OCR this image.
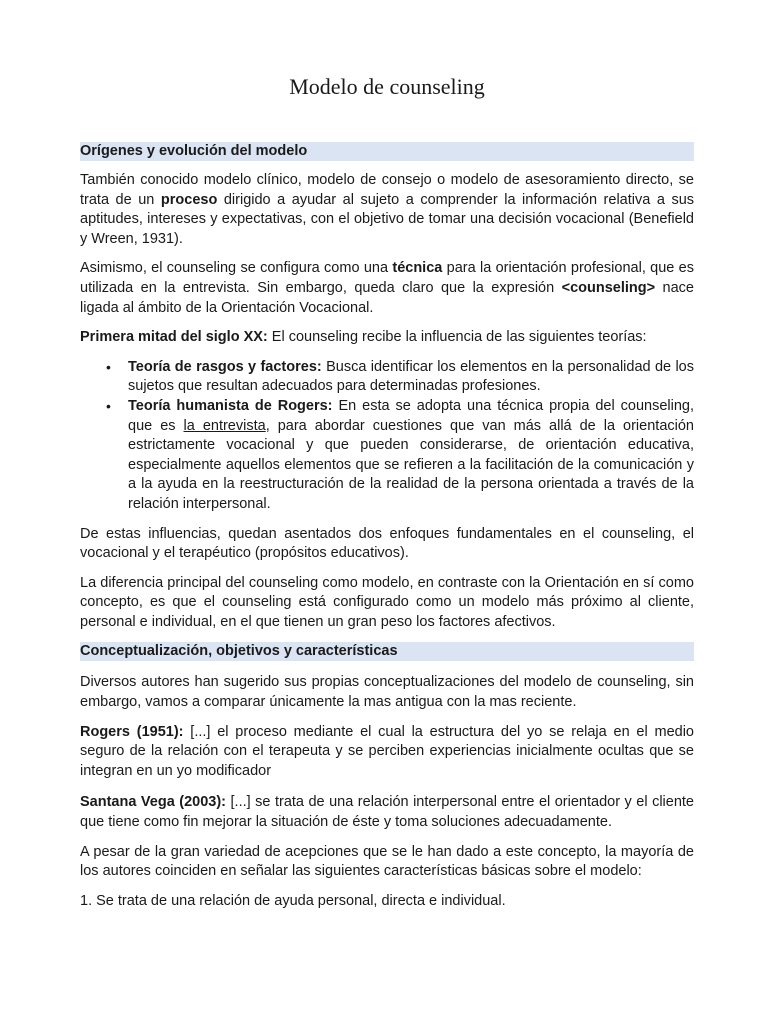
Modelo de counseling
Orígenes y evolución del modelo

También conocido modelo clínico, modelo de consejo o modelo de asesoramiento directo, se trata de un proceso dirigido a ayudar al sujeto a comprender la información relativa a sus aptitudes, intereses y expectativas, con el objetivo de tomar una decisión vocacional (Benefield y Wreen, 1931).

Asimismo, el counseling se configura como una técnica para la orientación profesional, que es utilizada en la entrevista. Sin embargo, queda claro que la expresión <counseling> nace ligada al ámbito de la Orientación Vocacional.

Primera mitad del siglo XX: El counseling recibe la influencia de las siguientes teorías:

• Teoría de rasgos y factores: Busca identificar los elementos en la personalidad de los sujetos que resultan adecuados para determinadas profesiones.
• Teoría humanista de Rogers: En esta se adopta una técnica propia del counseling, que es la entrevista, para abordar cuestiones que van más allá de la orientación estrictamente vocacional y que pueden considerarse, de orientación educativa, especialmente aquellos elementos que se refieren a la facilitación de la comunicación y a la ayuda en la reestructuración de la realidad de la persona orientada a través de la relación interpersonal.

De estas influencias, quedan asentados dos enfoques fundamentales en el counseling, el vocacional y el terapéutico (propósitos educativos).

La diferencia principal del counseling como modelo, en contraste con la Orientación en sí como concepto, es que el counseling está configurado como un modelo más próximo al cliente, personal e individual, en el que tienen un gran peso los factores afectivos.

Conceptualización, objetivos y características

Diversos autores han sugerido sus propias conceptualizaciones del modelo de counseling, sin embargo, vamos a comparar únicamente la mas antigua con la mas reciente.

Rogers (1951): [...] el proceso mediante el cual la estructura del yo se relaja en el medio seguro de la relación con el terapeuta y se perciben experiencias inicialmente ocultas que se integran en un yo modificador

Santana Vega (2003): [...] se trata de una relación interpersonal entre el orientador y el cliente que tiene como fin mejorar la situación de éste y toma soluciones adecuadamente.

A pesar de la gran variedad de acepciones que se le han dado a este concepto, la mayoría de los autores coinciden en señalar las siguientes características básicas sobre el modelo:

1. Se trata de una relación de ayuda personal, directa e individual.
